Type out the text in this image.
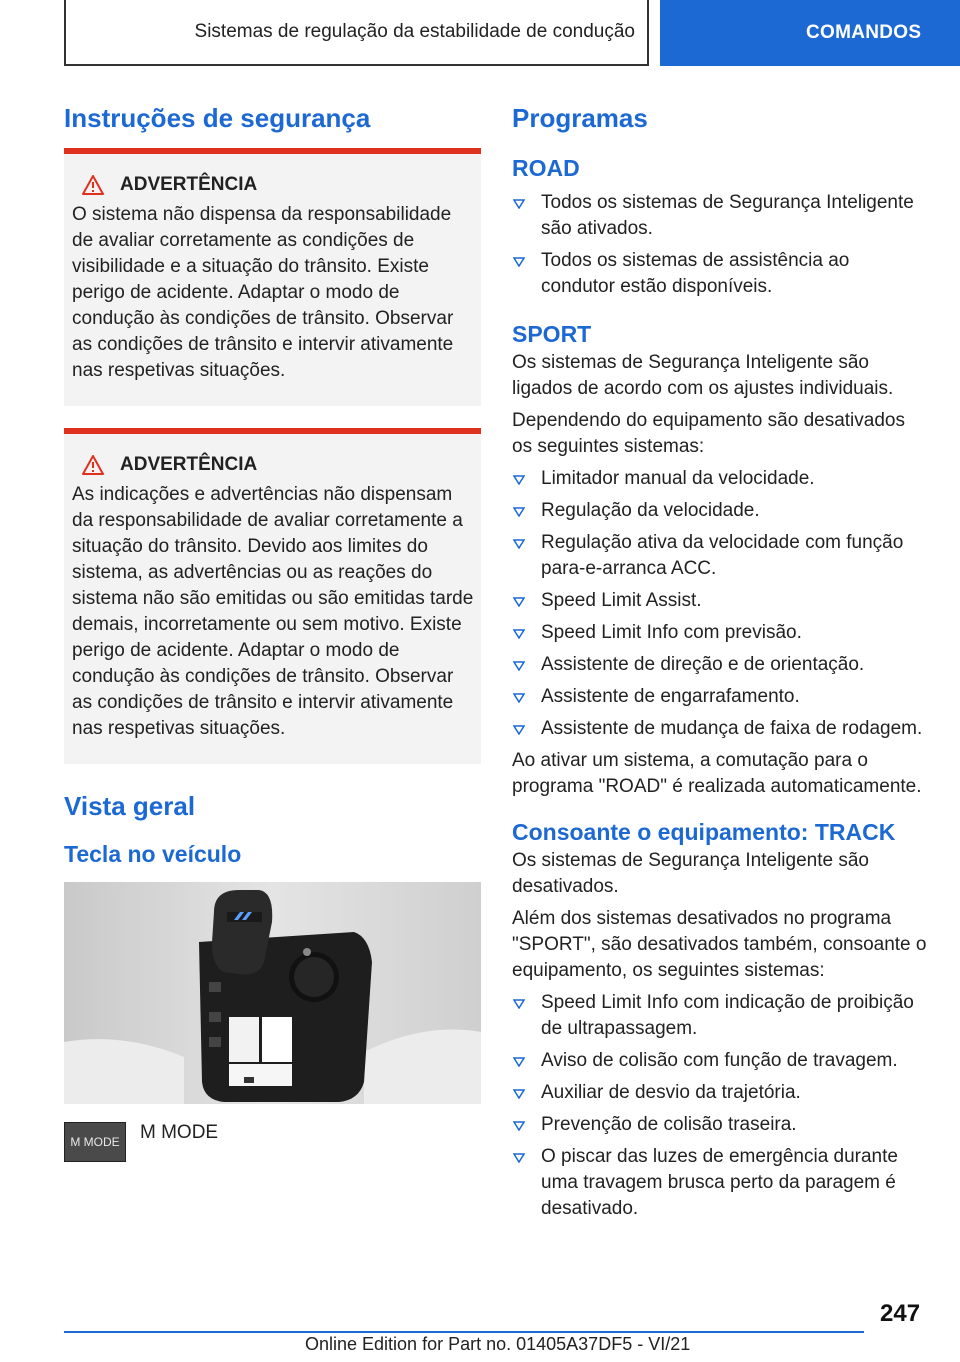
Sistemas de regulação da estabilidade de condução	COMANDOS
Instruções de segurança
ADVERTÊNCIA

O sistema não dispensa da responsabilidade de avaliar corretamente as condições de visibilidade e a situação do trânsito. Existe perigo de acidente. Adaptar o modo de condução às condições de trânsito. Observar as condições de trânsito e intervir ativamente nas respetivas situações.

ADVERTÊNCIA

As indicações e advertências não dispensam da responsabilidade de avaliar corretamente a situação do trânsito. Devido aos limites do sistema, as advertências ou as reações do sistema não são emitidas ou são emitidas tarde demais, incorretamente ou sem motivo. Existe perigo de acidente. Adaptar o modo de condução às condições de trânsito. Observar as condições de trânsito e intervir ativamente nas respetivas situações.

Vista geral
Tecla no veículo
M MODE	M MODE
Programas
ROAD
Todos os sistemas de Segurança Inteligente são ativados.
Todos os sistemas de assistência ao condutor estão disponíveis.
SPORT

Os sistemas de Segurança Inteligente são ligados de acordo com os ajustes individuais.

Dependendo do equipamento são desativados os seguintes sistemas:

Limitador manual da velocidade.
Regulação da velocidade.
Regulação ativa da velocidade com função para-e-arranca ACC.
Speed Limit Assist.
Speed Limit Info com previsão.
Assistente de direção e de orientação.
Assistente de engarrafamento.
Assistente de mudança de faixa de rodagem.

Ao ativar um sistema, a comutação para o programa "ROAD" é realizada automaticamente.

Consoante o equipamento: TRACK

Os sistemas de Segurança Inteligente são desativados.

Além dos sistemas desativados no programa "SPORT", são desativados também, consoante o equipamento, os seguintes sistemas:

Speed Limit Info com indicação de proibição de ultrapassagem.
Aviso de colisão com função de travagem.
Auxiliar de desvio da trajetória.
Prevenção de colisão traseira.
O piscar das luzes de emergência durante uma travagem brusca perto da paragem é desativado.
247
Online Edition for Part no. 01405A37DF5 - VI/21
